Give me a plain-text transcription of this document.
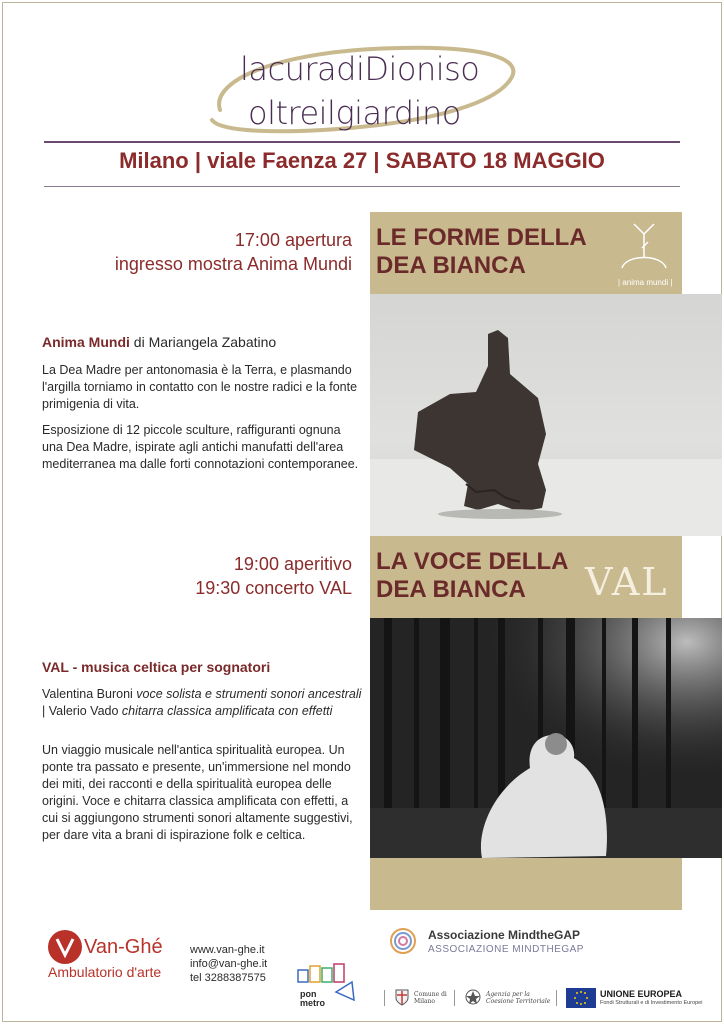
lacuradiDioniso
oltreilgiardino
Milano | viale Faenza 27 | SABATO 18 MAGGIO
LE FORME DELLA
DEA BIANCA
| anima mundi |
17:00 apertura
ingresso mostra Anima Mundi
Anima Mundi di Mariangela Zabatino

La Dea Madre per antonomasia è la Terra, e plasmando l'argilla torniamo in contatto con le nostre radici e la fonte primigenia di vita.

Esposizione di 12 piccole sculture, raffiguranti ognuna una Dea Madre, ispirate agli antichi manufatti dell'area mediterranea ma dalle forti connotazioni contemporanee.

LA VOCE DELLA
DEA BIANCA	VAL
19:00 aperitivo
19:30 concerto VAL
VAL - musica celtica per sognatori

Valentina Buroni voce solista e strumenti sonori ancestrali | Valerio Vado chitarra classica amplificata con effetti

Un viaggio musicale nell'antica spiritualità europea. Un ponte tra passato e presente, un'immersione nel mondo dei miti, dei racconti e della spiritualità europea delle origini. Voce e chitarra classica amplificata con effetti, a cui si aggiungono strumenti sonori altamente suggestivi, per dare vita a brani di ispirazione folk e celtica.

Van-Ghé
Ambulatorio d'arte
www.van-ghe.it
info@van-ghe.it
tel 3288387575
Associazione MindtheGAP
ASSOCIAZIONE MINDTHEGAP
pon
metro
Comune di
Milano
Agenzia per la
Coesione Territoriale
UNIONE EUROPEA
Fondi Strutturali e di Investimento Europei
